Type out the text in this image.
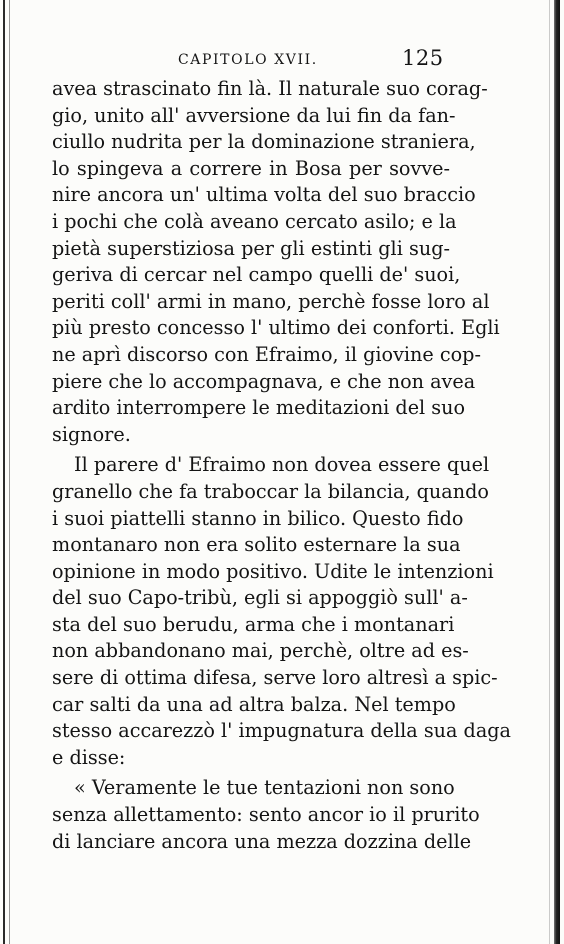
CAPITOLO XVII.	125
avea strascinato fin là. Il naturale suo corag-
gio, unito all' avversione da lui fin da fan-
ciullo nudrita per la dominazione straniera,
lo spingeva a correre in Bosa per sovve-
nire ancora un' ultima volta del suo braccio
i pochi che colà aveano cercato asilo; e la
pietà superstiziosa per gli estinti gli sug-
geriva di cercar nel campo quelli de' suoi,
periti coll' armi in mano, perchè fosse loro al
più presto concesso l' ultimo dei conforti. Egli
ne aprì discorso con Efraimo, il giovine cop-
piere che lo accompagnava, e che non avea
ardito interrompere le meditazioni del suo
signore.
Il parere d' Efraimo non dovea essere quel
granello che fa traboccar la bilancia, quando
i suoi piattelli stanno in bilico. Questo fido
montanaro non era solito esternare la sua
opinione in modo positivo. Udite le intenzioni
del suo Capo-tribù, egli si appoggiò sull' a-
sta del suo berudu, arma che i montanari
non abbandonano mai, perchè, oltre ad es-
sere di ottima difesa, serve loro altresì a spic-
car salti da una ad altra balza. Nel tempo
stesso accarezzò l' impugnatura della sua daga
e disse:
« Veramente le tue tentazioni non sono
senza allettamento: sento ancor io il prurito
di lanciare ancora una mezza dozzina delle
